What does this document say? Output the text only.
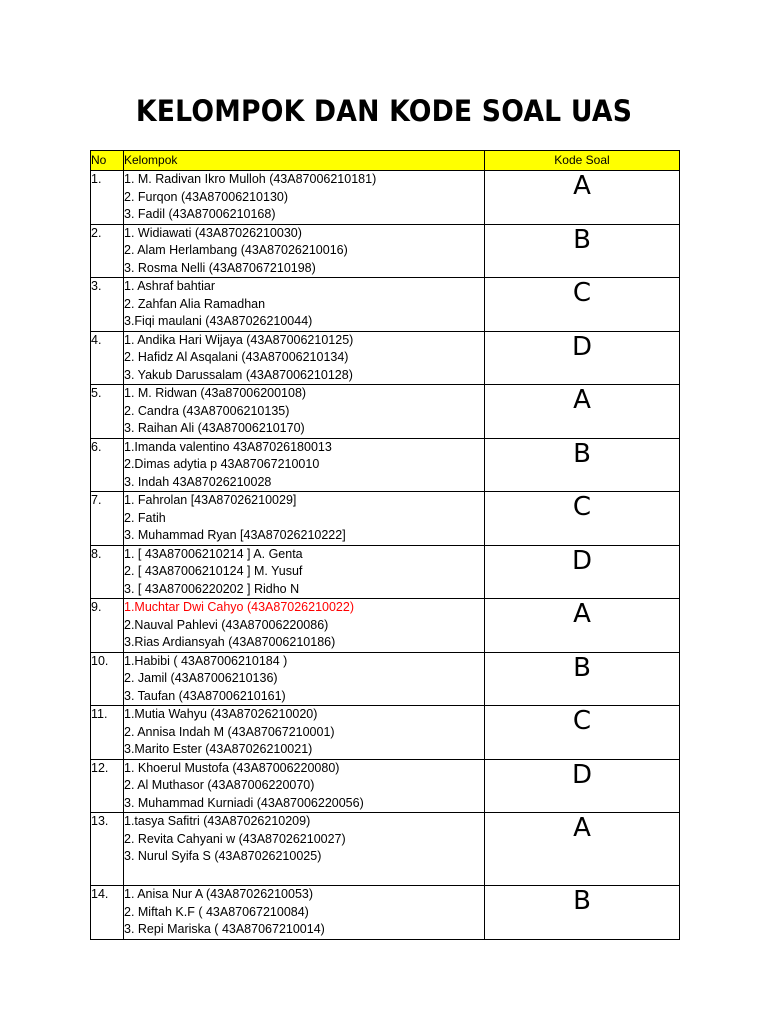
KELOMPOK DAN KODE SOAL UAS
No	Kelompok	Kode Soal
1.	1. M. Radivan Ikro Mulloh (43A87006210181)
2. Furqon (43A87006210130)
3. Fadil (43A87006210168)	A
2.	1. Widiawati (43A87026210030)
2. Alam Herlambang (43A87026210016)
3. Rosma Nelli (43A87067210198)	B
3.	1. Ashraf bahtiar
2. Zahfan Alia Ramadhan
3.Fiqi maulani (43A87026210044)	C
4.	1. Andika Hari Wijaya (43A87006210125)
2. Hafidz Al Asqalani (43A87006210134)
3. Yakub Darussalam (43A87006210128)	D
5.	1. M. Ridwan (43a87006200108)
2. Candra (43A87006210135)
3. Raihan Ali (43A87006210170)	A
6.	1.Imanda valentino 43A87026180013
2.Dimas adytia p 43A87067210010
3. Indah 43A87026210028	B
7.	1. Fahrolan [43A87026210029]
2. Fatih
3. Muhammad Ryan [43A87026210222]	C
8.	1. [ 43A87006210214 ] A. Genta
2. [ 43A87006210124 ] M. Yusuf
3. [ 43A87006220202 ] Ridho N	D
9.	1.Muchtar Dwi Cahyo (43A87026210022)
2.Nauval Pahlevi (43A87006220086)
3.Rias Ardiansyah (43A87006210186)	A
10.	1.Habibi ( 43A87006210184 )
2. Jamil (43A87006210136)
3. Taufan (43A87006210161)	B
11.	1.Mutia Wahyu (43A87026210020)
2. Annisa Indah M (43A87067210001)
3.Marito Ester (43A87026210021)	C
12.	1. Khoerul Mustofa (43A87006220080)
2. Al Muthasor (43A87006220070)
3. Muhammad Kurniadi (43A87006220056)	D
13.	1.tasya Safitri (43A87026210209)
2. Revita Cahyani w (43A87026210027)
3. Nurul Syifa S (43A87026210025)	A
14.	1. Anisa Nur A (43A87026210053)
2. Miftah K.F ( 43A87067210084)
3. Repi Mariska ( 43A87067210014)	B
